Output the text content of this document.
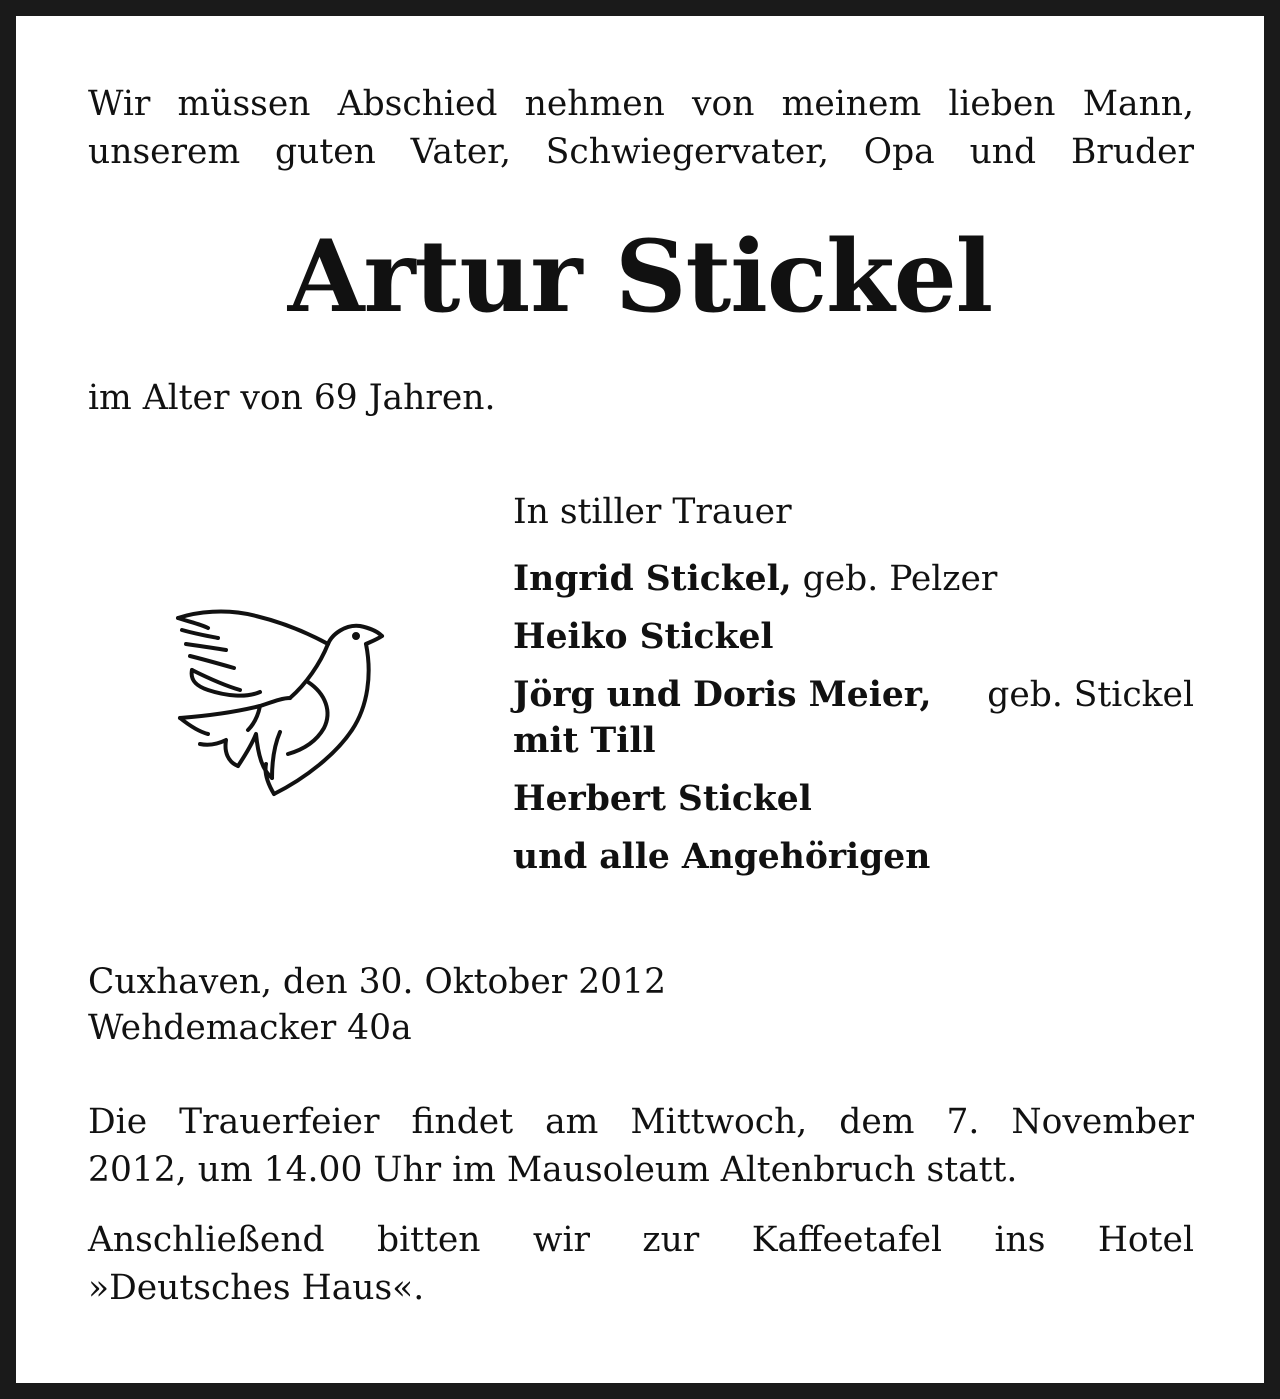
Wir müssen Abschied nehmen von meinem lieben Mann,
unserem guten Vater, Schwiegervater, Opa und Bruder

Artur Stickel

im Alter von 69 Jahren.

In stiller Trauer

Ingrid Stickel, geb. Pelzer
Heiko Stickel
Jörg und Doris Meier, geb. Stickel
mit Till
Herbert Stickel
und alle Angehörigen

Cuxhaven, den 30. Oktober 2012

Wehdemacker 40a

Die Trauerfeier findet am Mittwoch, dem 7. November
2012, um 14.00 Uhr im Mausoleum Altenbruch statt.

Anschließend bitten wir zur Kaffeetafel ins Hotel
»Deutsches Haus«.
